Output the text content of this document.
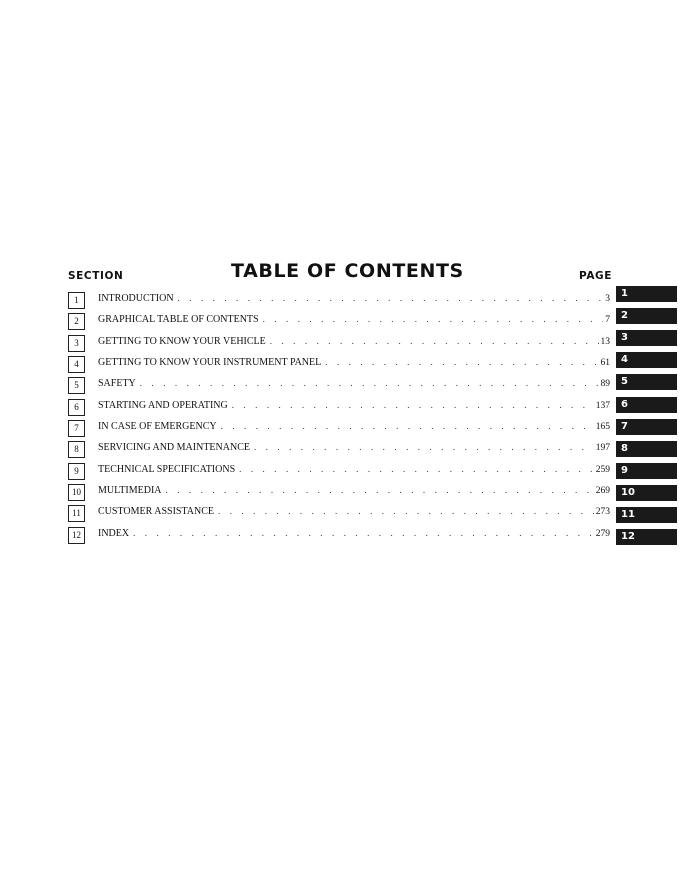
SECTION	TABLE OF CONTENTS	PAGE
1	INTRODUCTION . . .	3
2	GRAPHICAL TABLE OF CONTENTS . . .	7
3	GETTING TO KNOW YOUR VEHICLE . . .	13
4	GETTING TO KNOW YOUR INSTRUMENT PANEL . . .	61
5	SAFETY . . .	89
6	STARTING AND OPERATING . . .	137
7	IN CASE OF EMERGENCY . . .	165
8	SERVICING AND MAINTENANCE . . .	197
9	TECHNICAL SPECIFICATIONS . . .	259
10	MULTIMEDIA . . .	269
11	CUSTOMER ASSISTANCE . . .	273
12	INDEX . . .	279
1
2
3
4
5
6
7
8
9
10
11
12
